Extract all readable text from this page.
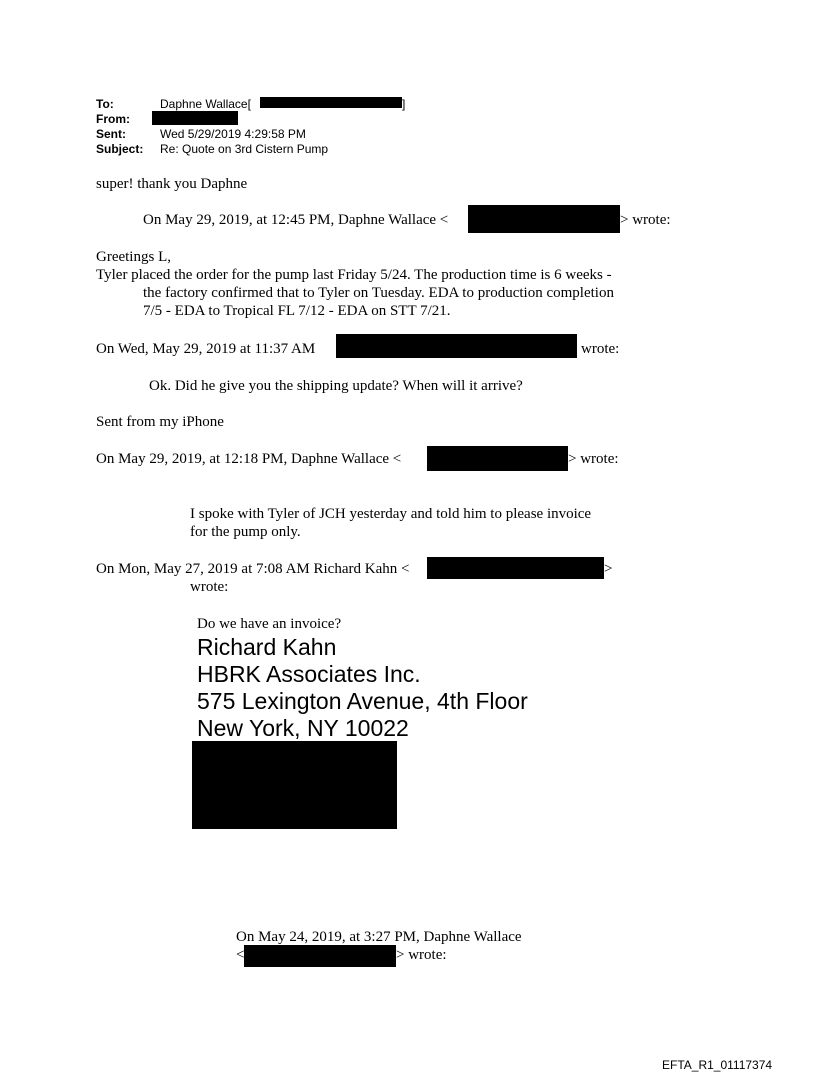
To:	Daphne Wallace[	]
From:
Sent:	Wed 5/29/2019 4:29:58 PM
Subject: Re: Quote on 3rd Cistern Pump
super! thank you Daphne
On May 29, 2019, at 12:45 PM, Daphne Wallace <	> wrote:
Greetings L,
Tyler placed the order for the pump last Friday 5/24. The production time is 6 weeks -
the factory confirmed that to Tyler on Tuesday. EDA to production completion
7/5 - EDA to Tropical FL 7/12 - EDA on STT 7/21.
On Wed, May 29, 2019 at 11:37 AM	wrote:
Ok. Did he give you the shipping update? When will it arrive?
Sent from my iPhone
On May 29, 2019, at 12:18 PM, Daphne Wallace <	> wrote:
I spoke with Tyler of JCH yesterday and told him to please invoice
for the pump only.
On Mon, May 27, 2019 at 7:08 AM Richard Kahn <	>
wrote:
Do we have an invoice?
Richard Kahn
HBRK Associates Inc.
575 Lexington Avenue, 4th Floor
New York, NY 10022
On May 24, 2019, at 3:27 PM, Daphne Wallace
<	> wrote:
EFTA_R1_01117374
